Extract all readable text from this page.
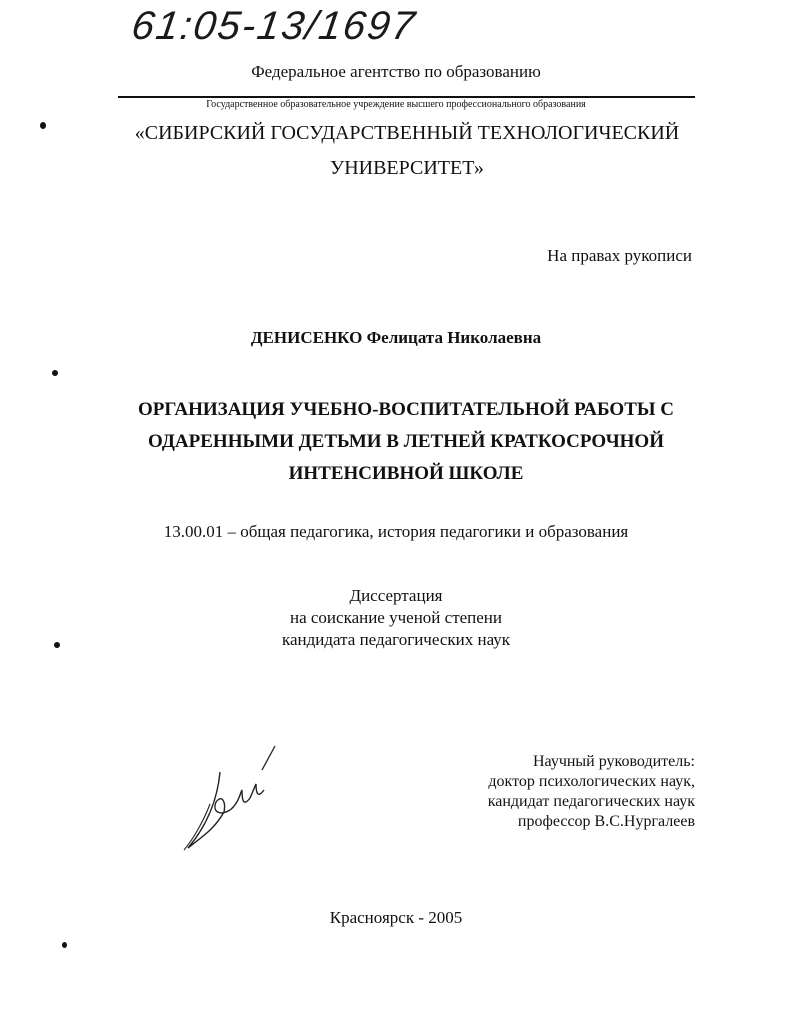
61:05-13/1697

Федеральное агентство по образованию

Государственное образовательное учреждение высшего профессионального образования

«СИБИРСКИЙ ГОСУДАРСТВЕННЫЙ ТЕХНОЛОГИЧЕСКИЙ
УНИВЕРСИТЕТ»

На правах рукописи

ДЕНИСЕНКО Фелицата Николаевна

ОРГАНИЗАЦИЯ УЧЕБНО-ВОСПИТАТЕЛЬНОЙ РАБОТЫ С
ОДАРЕННЫМИ ДЕТЬМИ В ЛЕТНЕЙ КРАТКОСРОЧНОЙ
ИНТЕНСИВНОЙ ШКОЛЕ

13.00.01 – общая педагогика, история педагогики и образования

Диссертация
на соискание ученой степени
кандидата педагогических наук
Научный руководитель:
доктор психологических наук,
кандидат педагогических наук
профессор В.С.Нургалеев

Красноярск - 2005
